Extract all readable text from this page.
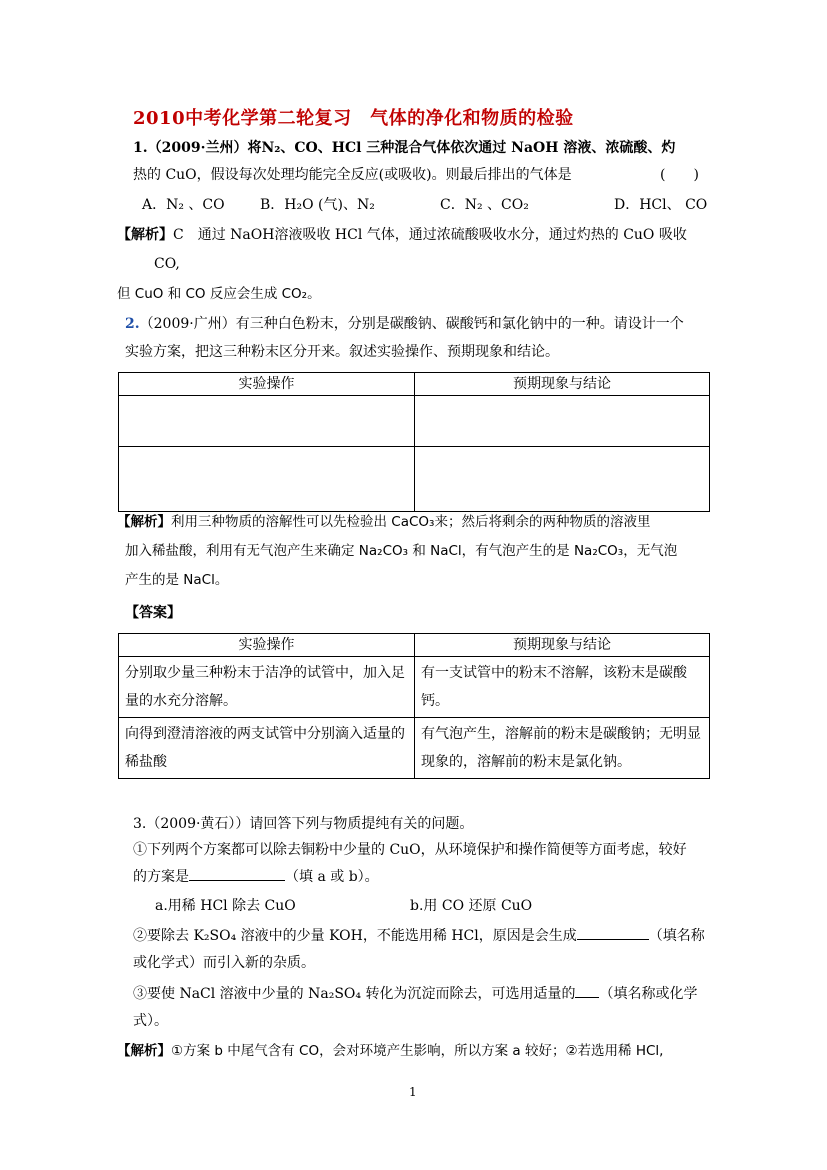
2010中考化学第二轮复习　气体的净化和物质的检验
1.（2009·兰州）将N₂、CO、HCl 三种混合气体依次通过 NaOH 溶液、浓硫酸、灼
热的 CuO，假设每次处理均能完全反应(或吸收)。则最后排出的气体是	(　　)
A．N₂ 、CO	B．H₂O (气)、N₂	C．N₂ 、CO₂	D．HCl、 CO
【解析】C　通过 NaOH溶液吸收 HCl 气体，通过浓硫酸吸收水分，通过灼热的 CuO 吸收
CO,
但 CuO 和 CO 反应会生成 CO₂。
2.（2009·广州）有三种白色粉末，分别是碳酸钠、碳酸钙和氯化钠中的一种。请设计一个
实验方案，把这三种粉末区分开来。叙述实验操作、预期现象和结论。
实验操作	预期现象与结论

【解析】利用三种物质的溶解性可以先检验出 CaCO₃来；然后将剩余的两种物质的溶液里
加入稀盐酸，利用有无气泡产生来确定 Na₂CO₃ 和 NaCl，有气泡产生的是 Na₂CO₃，无气泡
产生的是 NaCl。
【答案】
实验操作	预期现象与结论
分别取少量三种粉末于洁净的试管中，加入足量的水充分溶解。	有一支试管中的粉末不溶解，该粉末是碳酸钙。
向得到澄清溶液的两支试管中分别滴入适量的稀盐酸	有气泡产生，溶解前的粉末是碳酸钠；无明显现象的，溶解前的粉末是氯化钠。
3.（2009·黄石））请回答下列与物质提纯有关的问题。
①下列两个方案都可以除去铜粉中少量的 CuO，从环境保护和操作简便等方面考虑，较好
的方案是	（填 a 或 b）。
a.用稀 HCl 除去 CuO	b.用 CO 还原 CuO
②要除去 K₂SO₄ 溶液中的少量 KOH，不能选用稀 HCl，原因是会生成	（填名称
或化学式）而引入新的杂质。
③要使 NaCl 溶液中少量的 Na₂SO₄ 转化为沉淀而除去，可选用适量的 （填名称或化学
式）。
【解析】①方案 b 中尾气含有 CO，会对环境产生影响，所以方案 a 较好；②若选用稀 HCl,
1
